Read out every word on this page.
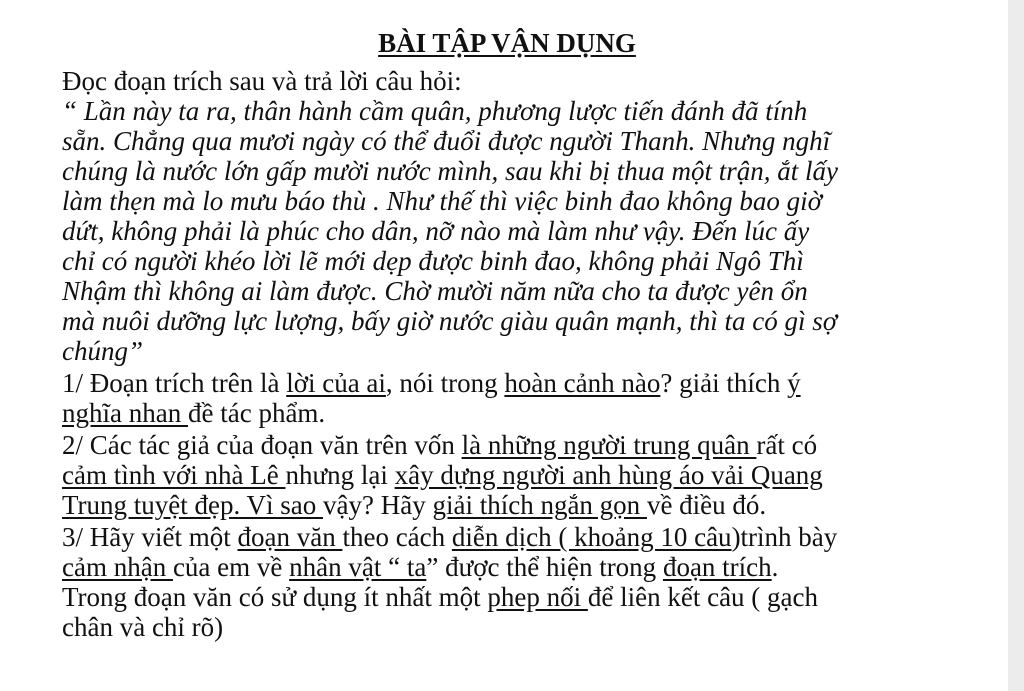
BÀI TẬP VẬN DỤNG
Đọc đoạn trích sau và trả lời câu hỏi:
“ Lần này ta ra, thân hành cầm quân, phương lược tiến đánh đã tính
sẵn. Chẳng qua mươi ngày có thể đuổi được người Thanh. Nhưng nghĩ
chúng là nước lớn gấp mười nước mình, sau khi bị thua một trận, ắt lấy
làm thẹn mà lo mưu báo thù . Như thế thì việc binh đao không bao giờ
dứt, không phải là phúc cho dân, nỡ nào mà làm như vậy. Đến lúc ấy
chỉ có người khéo lời lẽ mới dẹp được binh đao, không phải Ngô Thì
Nhậm thì không ai làm được. Chờ mười năm nữa cho ta được yên ổn
mà nuôi dưỡng lực lượng, bấy giờ nước giàu quân mạnh, thì ta có gì sợ
chúng”
1/ Đoạn trích trên là lời của ai, nói trong hoàn cảnh nào? giải thích ý
nghĩa nhan đề tác phẩm.
2/ Các tác giả của đoạn văn trên vốn là những người trung quân rất có
cảm tình với nhà Lê nhưng lại xây dựng người anh hùng áo vải Quang
Trung tuyệt đẹp. Vì sao vậy? Hãy giải thích ngắn gọn về điều đó.
3/ Hãy viết một đoạn văn theo cách diễn dịch ( khoảng 10 câu)trình bày
cảm nhận của em về nhân vật “ ta” được thể hiện trong đoạn trích.
Trong đoạn văn có sử dụng ít nhất một phep nối để liên kết câu ( gạch
chân và chỉ rõ)
